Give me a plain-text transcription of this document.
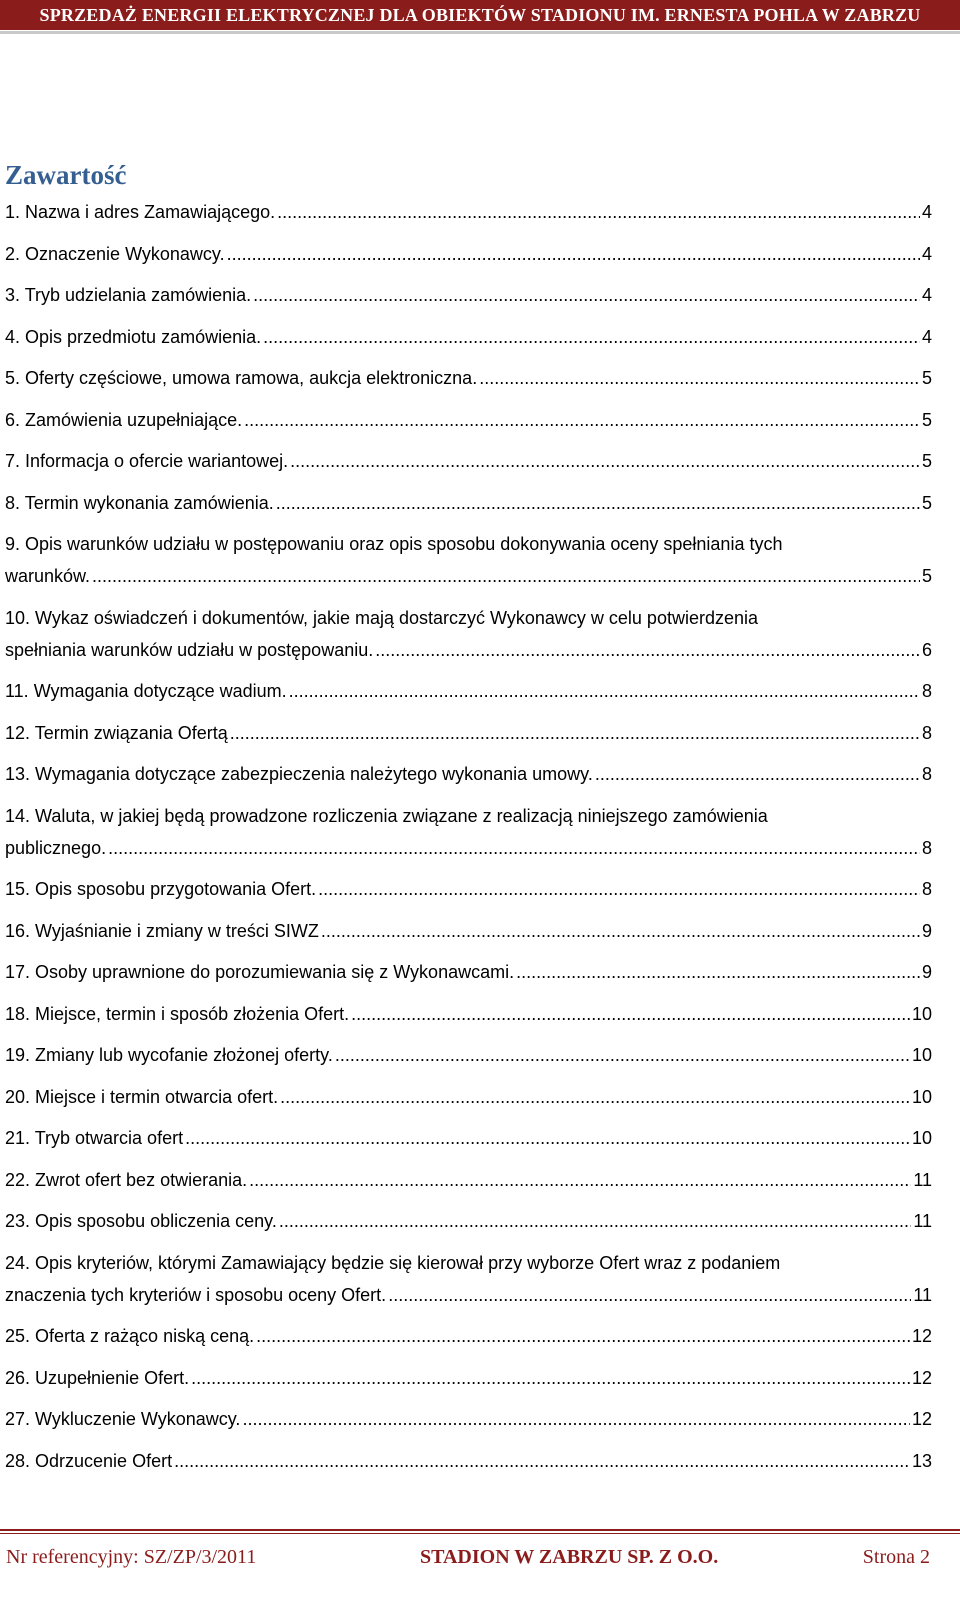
SPRZEDAŻ ENERGII ELEKTRYCZNEJ DLA OBIEKTÓW STADIONU IM. ERNESTA POHLA W ZABRZU
Zawartość
1. Nazwa i adres Zamawiającego. .....	4
2. Oznaczenie Wykonawcy. .....	4
3. Tryb udzielania zamówienia. .....	4
4. Opis przedmiotu zamówienia. .....	4
5. Oferty częściowe, umowa ramowa, aukcja elektroniczna. .....	5
6. Zamówienia uzupełniające. .....	5
7. Informacja o ofercie wariantowej. .....	5
8. Termin wykonania zamówienia. .....	5
9. Opis warunków udziału w postępowaniu oraz opis sposobu dokonywania oceny spełniania tych
warunków. .....	5
10. Wykaz oświadczeń i dokumentów, jakie mają dostarczyć Wykonawcy w celu potwierdzenia
spełniania warunków udziału w postępowaniu. .....	6
11. Wymagania dotyczące wadium. .....	8
12. Termin związania Ofertą .....	8
13. Wymagania dotyczące zabezpieczenia należytego wykonania umowy. .....	8
14. Waluta, w jakiej będą prowadzone rozliczenia związane z realizacją niniejszego zamówienia
publicznego. .....	8
15. Opis sposobu przygotowania Ofert. .....	8
16. Wyjaśnianie i zmiany w treści SIWZ .....	9
17. Osoby uprawnione do porozumiewania się z Wykonawcami. .....	9
18. Miejsce, termin i sposób złożenia Ofert. .....	10
19. Zmiany lub wycofanie złożonej oferty. .....	10
20. Miejsce i termin otwarcia ofert. .....	10
21. Tryb otwarcia ofert .....	10
22. Zwrot ofert bez otwierania. .....	11
23. Opis sposobu obliczenia ceny. .....	11
24. Opis kryteriów, którymi Zamawiający będzie się kierował przy wyborze Ofert wraz z podaniem
znaczenia tych kryteriów i sposobu oceny Ofert. .....	11
25. Oferta z rażąco niską ceną. .....	12
26. Uzupełnienie Ofert. .....	12
27. Wykluczenie Wykonawcy. .....	12
28. Odrzucenie Ofert .....	13
Nr referencyjny: SZ/ZP/3/2011	STADION W ZABRZU SP. Z O.O.	Strona 2
